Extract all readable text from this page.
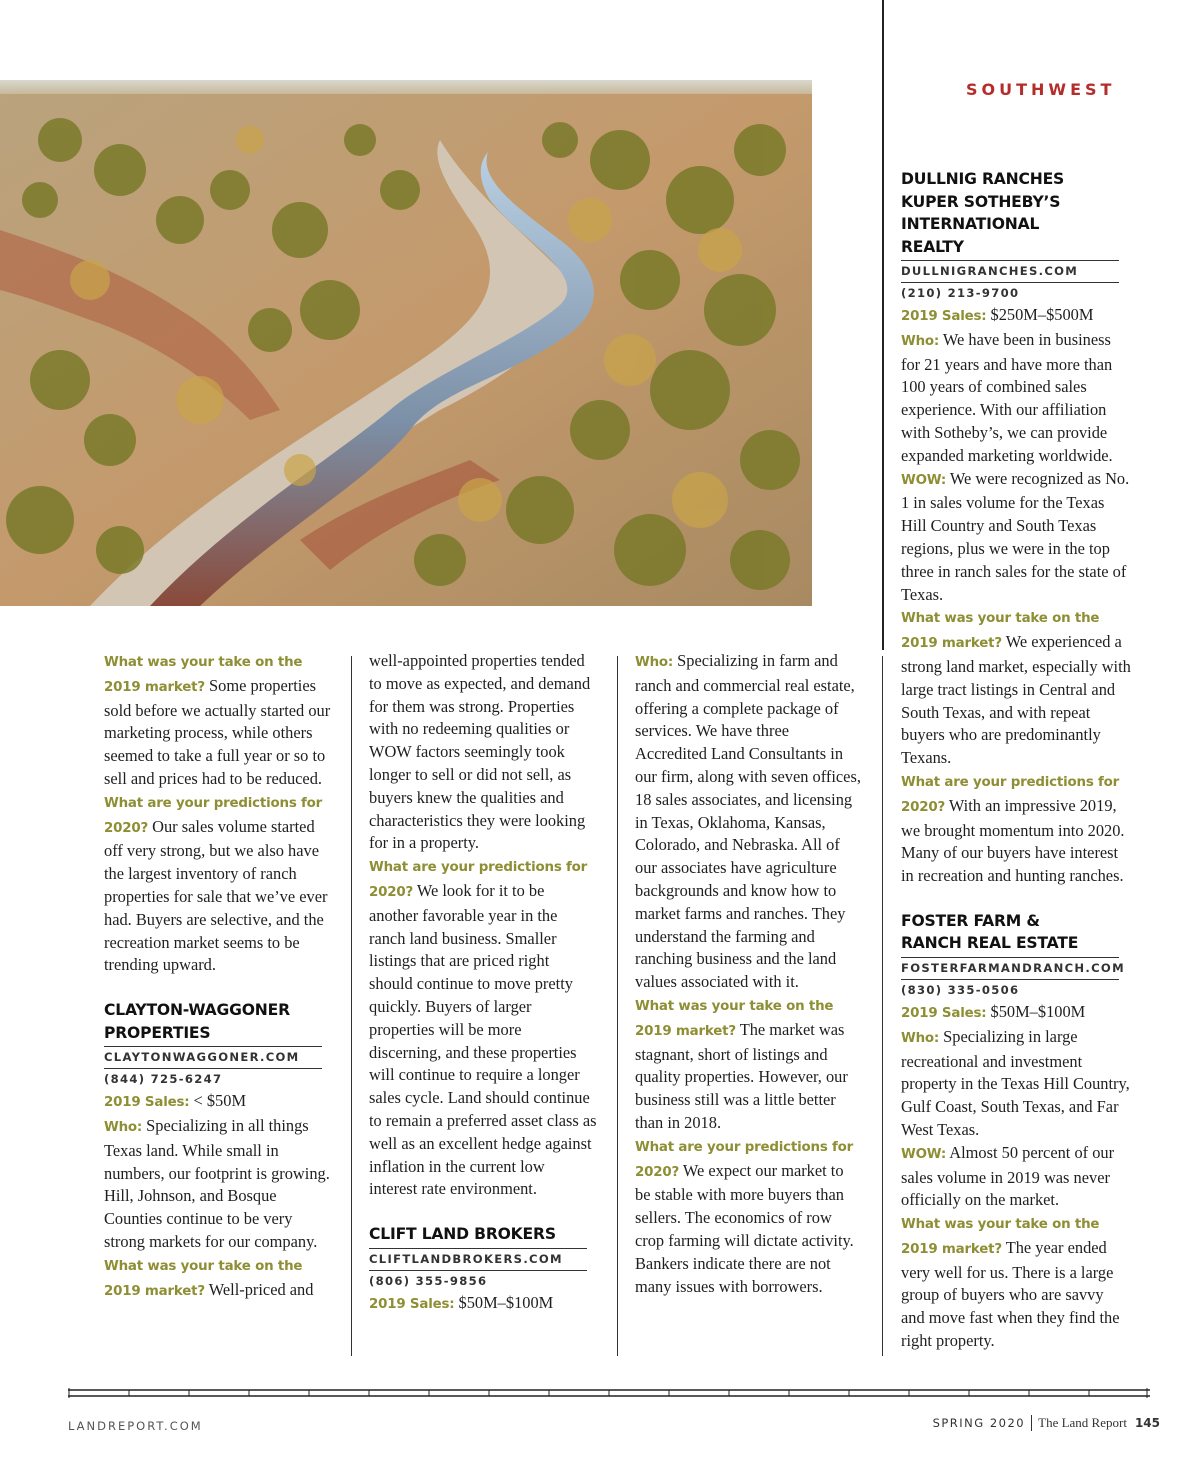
SOUTHWEST

What was your take on the 2019 market? Some properties sold before we actually started our marketing process, while others seemed to take a full year or so to sell and prices had to be reduced.

What are your predictions for 2020? Our sales volume started off very strong, but we also have the largest inventory of ranch properties for sale that we’ve ever had. Buyers are selective, and the recreation market seems to be trending upward.

CLAYTON-WAGGONER PROPERTIES
CLAYTONWAGGONER.COM
(844) 725-6247

2019 Sales: < $50M

Who: Specializing in all things Texas land. While small in numbers, our footprint is growing. Hill, Johnson, and Bosque Counties continue to be very strong markets for our company.

What was your take on the 2019 market? Well-priced and

well-appointed properties tended to move as expected, and demand for them was strong. Properties with no redeeming qualities or WOW factors seemingly took longer to sell or did not sell, as buyers knew the qualities and characteristics they were looking for in a property.

What are your predictions for 2020? We look for it to be another favorable year in the ranch land business. Smaller listings that are priced right should continue to move pretty quickly. Buyers of larger properties will be more discerning, and these properties will continue to require a longer sales cycle. Land should continue to remain a preferred asset class as well as an excellent hedge against inflation in the current low interest rate environment.

CLIFT LAND BROKERS
CLIFTLANDBROKERS.COM
(806) 355-9856

2019 Sales: $50M–$100M

Who: Specializing in farm and ranch and commercial real estate, offering a complete package of services. We have three Accredited Land Consultants in our firm, along with seven offices, 18 sales associates, and licensing in Texas, Oklahoma, Kansas, Colorado, and Nebraska. All of our associates have agriculture backgrounds and know how to market farms and ranches. They understand the farming and ranching business and the land values associated with it.

What was your take on the 2019 market? The market was stagnant, short of listings and quality properties. However, our business still was a little better than in 2018.

What are your predictions for 2020? We expect our market to be stable with more buyers than sellers. The economics of row crop farming will dictate activity. Bankers indicate there are not many issues with borrowers.

DULLNIG RANCHES KUPER SOTHEBY’S INTERNATIONAL REALTY
DULLNIGRANCHES.COM
(210) 213-9700

2019 Sales: $250M–$500M

Who: We have been in business for 21 years and have more than 100 years of combined sales experience. With our affiliation with Sotheby’s, we can provide expanded marketing worldwide.

WOW: We were recognized as No. 1 in sales volume for the Texas Hill Country and South Texas regions, plus we were in the top three in ranch sales for the state of Texas.

What was your take on the 2019 market? We experienced a strong land market, especially with large tract listings in Central and South Texas, and with repeat buyers who are predominantly Texans.

What are your predictions for 2020? With an impressive 2019, we brought momentum into 2020. Many of our buyers have interest in recreation and hunting ranches.

FOSTER FARM & RANCH REAL ESTATE
FOSTERFARMANDRANCH.COM
(830) 335-0506

2019 Sales: $50M–$100M

Who: Specializing in large recreational and investment property in the Texas Hill Country, Gulf Coast, South Texas, and Far West Texas.

WOW: Almost 50 percent of our sales volume in 2019 was never officially on the market.

What was your take on the 2019 market? The year ended very well for us. There is a large group of buyers who are savvy and move fast when they find the right property.

LANDREPORT.COM	SPRING 2020 The Land Report 145
